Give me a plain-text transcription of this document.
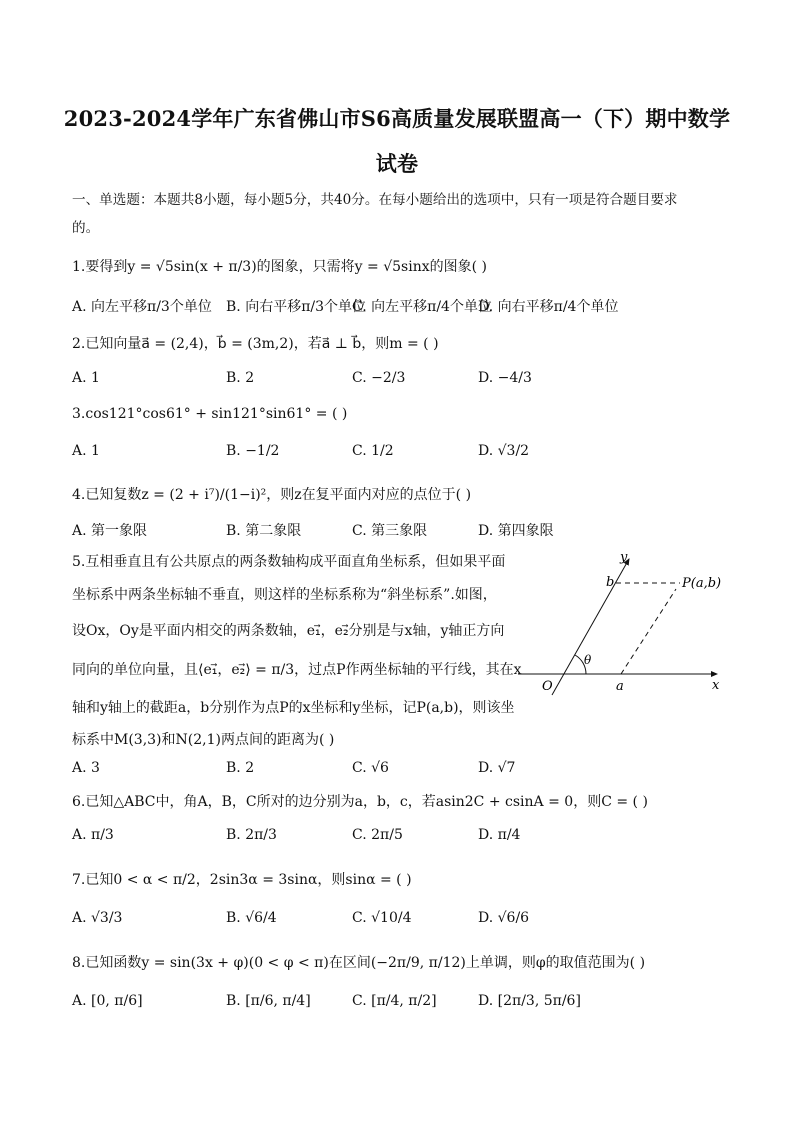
2023-2024学年广东省佛山市S6高质量发展联盟高一（下）期中数学
试卷
一、单选题：本题共8小题，每小题5分，共40分。在每小题给出的选项中，只有一项是符合题目要求
的。
1.要得到y = √5sin(x + π/3)的图象，只需将y = √5sinx的图象( )
A. 向左平移π/3个单位 B. 向右平移π/3个单位
C. 向左平移π/4个单位
D. 向右平移π/4个单位
2.已知向量a⃗ = (2,4)，b⃗ = (3m,2)，若a⃗ ⊥ b⃗，则m = ( )
A. 1	B. 2	C. −2/3	D. −4/3
3.cos121°cos61° + sin121°sin61° = ( )
A. 1	B. −1/2	C. 1/2	D. √3/2
4.已知复数z = (2 + i⁷)/(1−i)²，则z在复平面内对应的点位于( )
A. 第一象限	B. 第二象限	C. 第三象限	D. 第四象限
5.互相垂直且有公共原点的两条数轴构成平面直角坐标系，但如果平面
坐标系中两条坐标轴不垂直，则这样的坐标系称为“斜坐标系”.如图，
设Ox，Oy是平面内相交的两条数轴，e₁⃗，e₂⃗分别是与x轴，y轴正方向
同向的单位向量，且⟨e₁⃗，e₂⃗⟩ = π/3，过点P作两坐标轴的平行线，其在x
轴和y轴上的截距a，b分别作为点P的x坐标和y坐标，记P(a,b)，则该坐
标系中M(3,3)和N(2,1)两点间的距离为( )
A. 3	B. 2	C. √6	D. √7
y
x
O
b
a
θ
P(a,b)
6.已知△ABC中，角A，B，C所对的边分别为a，b，c，若asin2C + csinA = 0，则C = ( )
A. π/3	B. 2π/3	C. 2π/5	D. π/4
7.已知0 < α < π/2，2sin3α = 3sinα，则sinα = ( )
A. √3/3	B. √6/4	C. √10/4	D. √6/6
8.已知函数y = sin(3x + φ)(0 < φ < π)在区间(−2π/9, π/12)上单调，则φ的取值范围为( )
A. [0, π/6]	B. [π/6, π/4]	C. [π/4, π/2]	D. [2π/3, 5π/6]
